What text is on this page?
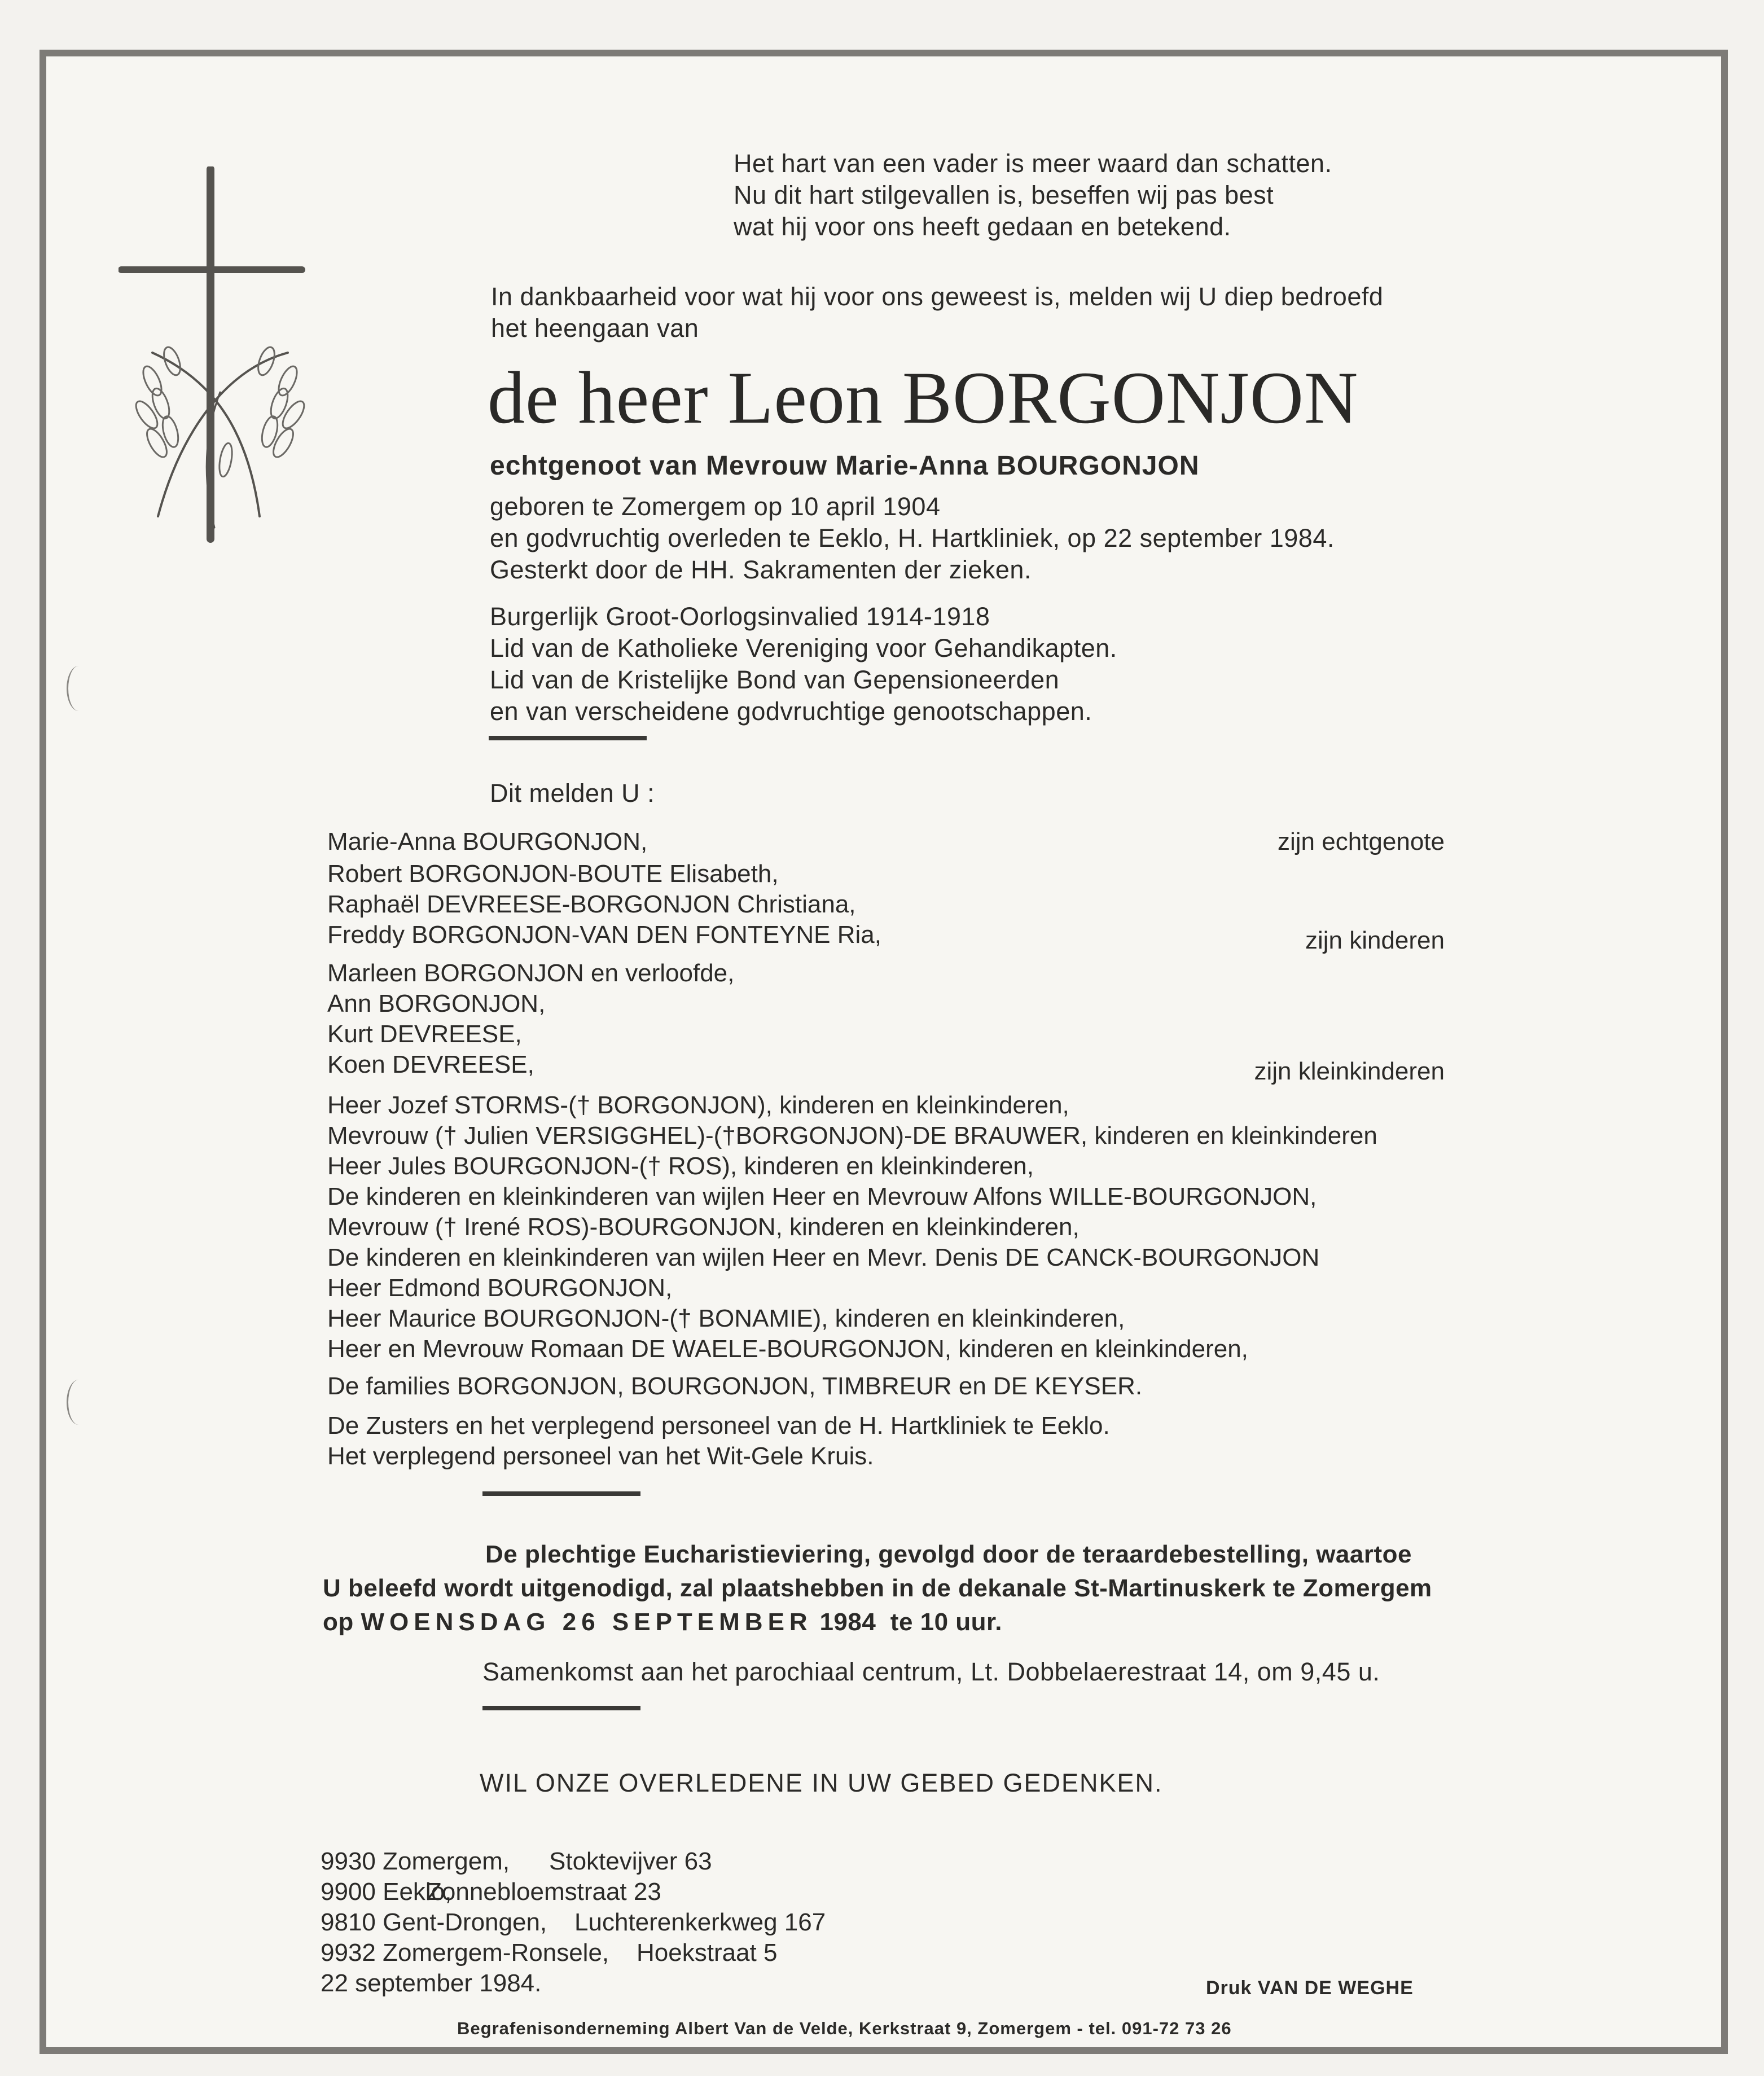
Het hart van een vader is meer waard dan schatten.
Nu dit hart stilgevallen is, beseffen wij pas best
wat hij voor ons heeft gedaan en betekend.
In dankbaarheid voor wat hij voor ons geweest is, melden wij U diep bedroefd
het heengaan van
de heer Leon BORGONJON
echtgenoot van Mevrouw Marie-Anna BOURGONJON
geboren te Zomergem op 10 april 1904
en godvruchtig overleden te Eeklo, H. Hartkliniek, op 22 september 1984.
Gesterkt door de HH. Sakramenten der zieken.
Burgerlijk Groot-Oorlogsinvalied 1914-1918
Lid van de Katholieke Vereniging voor Gehandikapten.
Lid van de Kristelijke Bond van Gepensioneerden
en van verscheidene godvruchtige genootschappen.
Dit melden U :
Marie-Anna BOURGONJON,	zijn echtgenote
Robert BORGONJON-BOUTE Elisabeth,
Raphaël DEVREESE-BORGONJON Christiana,
Freddy BORGONJON-VAN DEN FONTEYNE Ria,	zijn kinderen
Marleen BORGONJON en verloofde,
Ann BORGONJON,
Kurt DEVREESE,
Koen DEVREESE,	zijn kleinkinderen
Heer Jozef STORMS-(† BORGONJON), kinderen en kleinkinderen,
Mevrouw († Julien VERSIGGHEL)-(†BORGONJON)-DE BRAUWER, kinderen en kleinkinderen
Heer Jules BOURGONJON-(† ROS), kinderen en kleinkinderen,
De kinderen en kleinkinderen van wijlen Heer en Mevrouw Alfons WILLE-BOURGONJON,
Mevrouw († Irené ROS)-BOURGONJON, kinderen en kleinkinderen,
De kinderen en kleinkinderen van wijlen Heer en Mevr. Denis DE CANCK-BOURGONJON
Heer Edmond BOURGONJON,
Heer Maurice BOURGONJON-(† BONAMIE), kinderen en kleinkinderen,
Heer en Mevrouw Romaan DE WAELE-BOURGONJON, kinderen en kleinkinderen,
De families BORGONJON, BOURGONJON, TIMBREUR en DE KEYSER.
De Zusters en het verplegend personeel van de H. Hartkliniek te Eeklo.
Het verplegend personeel van het Wit-Gele Kruis.
De plechtige Eucharistieviering, gevolgd door de teraardebestelling, waartoe
U beleefd wordt uitgenodigd, zal plaatshebben in de dekanale St-Martinuskerk te Zomergem
op WOENSDAG 26 SEPTEMBER 1984  te 10 uur.
Samenkomst aan het parochiaal centrum, Lt. Dobbelaerestraat 14, om 9,45 u.
WIL ONZE OVERLEDENE IN UW GEBED GEDENKEN.
9930 Zomergem, Stoktevijver 63
9900 Eeklo,Zonnebloemstraat 23
9810 Gent-Drongen, Luchterenkerkweg 167
9932 Zomergem-Ronsele, Hoekstraat 5
22 september 1984.	Druk VAN DE WEGHE
Begrafenisonderneming Albert Van de Velde, Kerkstraat 9, Zomergem - tel. 091-72 73 26
